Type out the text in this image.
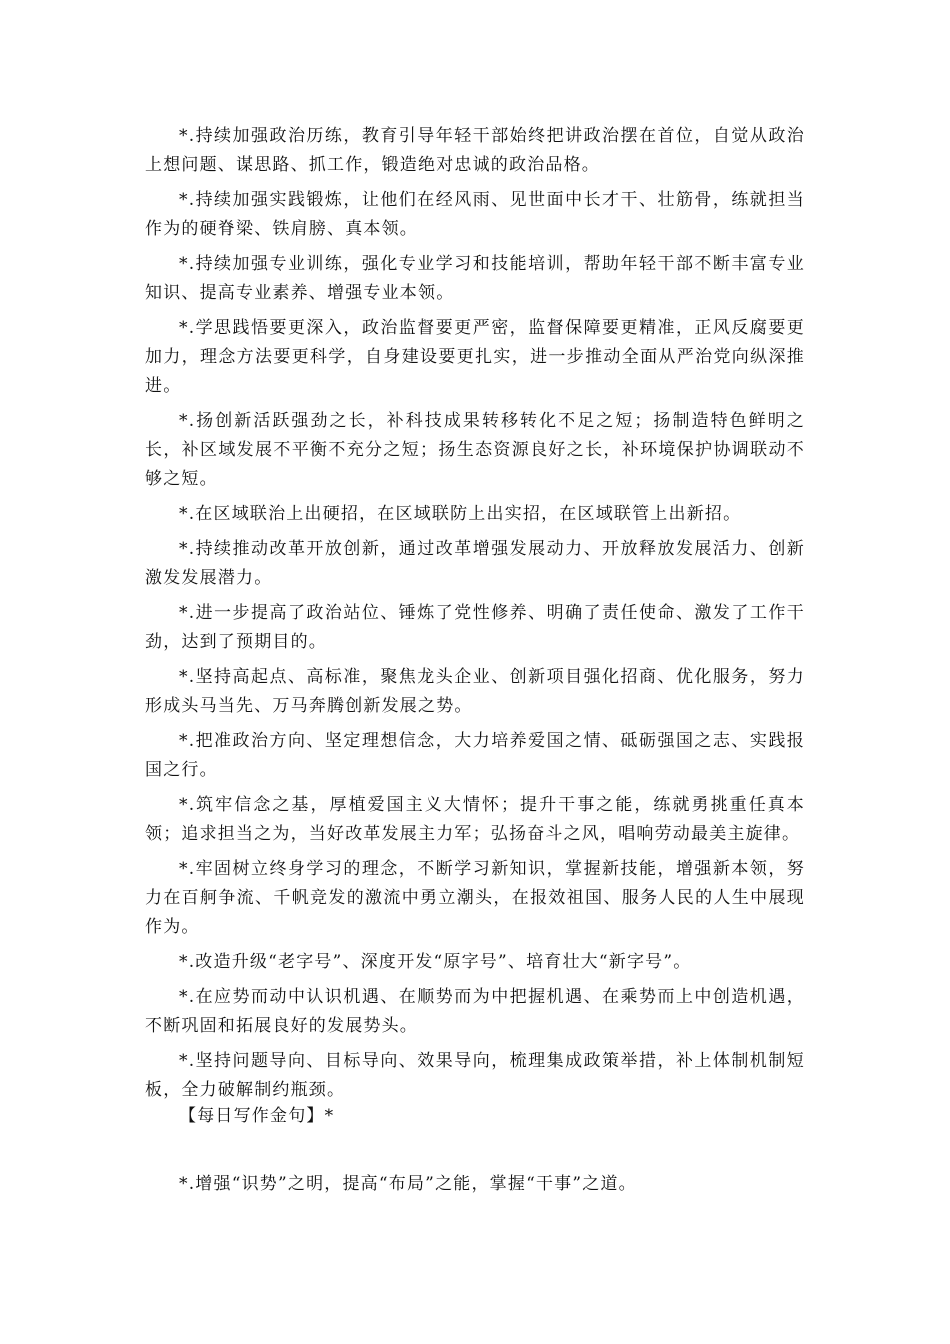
*.持续加强政治历练，教育引导年轻干部始终把讲政治摆在首位，自觉从政治上想问题、谋思路、抓工作，锻造绝对忠诚的政治品格。

*.持续加强实践锻炼，让他们在经风雨、见世面中长才干、壮筋骨，练就担当作为的硬脊梁、铁肩膀、真本领。

*.持续加强专业训练，强化专业学习和技能培训，帮助年轻干部不断丰富专业知识、提高专业素养、增强专业本领。

*.学思践悟要更深入，政治监督要更严密，监督保障要更精准，正风反腐要更加力，理念方法要更科学，自身建设要更扎实，进一步推动全面从严治党向纵深推进。

*.扬创新活跃强劲之长，补科技成果转移转化不足之短；扬制造特色鲜明之长，补区域发展不平衡不充分之短；扬生态资源良好之长，补环境保护协调联动不够之短。

*.在区域联治上出硬招，在区域联防上出实招，在区域联管上出新招。

*.持续推动改革开放创新，通过改革增强发展动力、开放释放发展活力、创新激发发展潜力。

*.进一步提高了政治站位、锤炼了党性修养、明确了责任使命、激发了工作干劲，达到了预期目的。

*.坚持高起点、高标准，聚焦龙头企业、创新项目强化招商、优化服务，努力形成头马当先、万马奔腾创新发展之势。

*.把准政治方向、坚定理想信念，大力培养爱国之情、砥砺强国之志、实践报国之行。

*.筑牢信念之基，厚植爱国主义大情怀；提升干事之能，练就勇挑重任真本领；追求担当之为，当好改革发展主力军；弘扬奋斗之风，唱响劳动最美主旋律。

*.牢固树立终身学习的理念，不断学习新知识，掌握新技能，增强新本领，努力在百舸争流、千帆竞发的激流中勇立潮头，在报效祖国、服务人民的人生中展现作为。

*.改造升级“老字号”、深度开发“原字号”、培育壮大“新字号”。

*.在应势而动中认识机遇、在顺势而为中把握机遇、在乘势而上中创造机遇，不断巩固和拓展良好的发展势头。

*.坚持问题导向、目标导向、效果导向，梳理集成政策举措，补上体制机制短板，全力破解制约瓶颈。

【每日写作金句】*

*.增强“识势”之明，提高“布局”之能，掌握“干事”之道。
